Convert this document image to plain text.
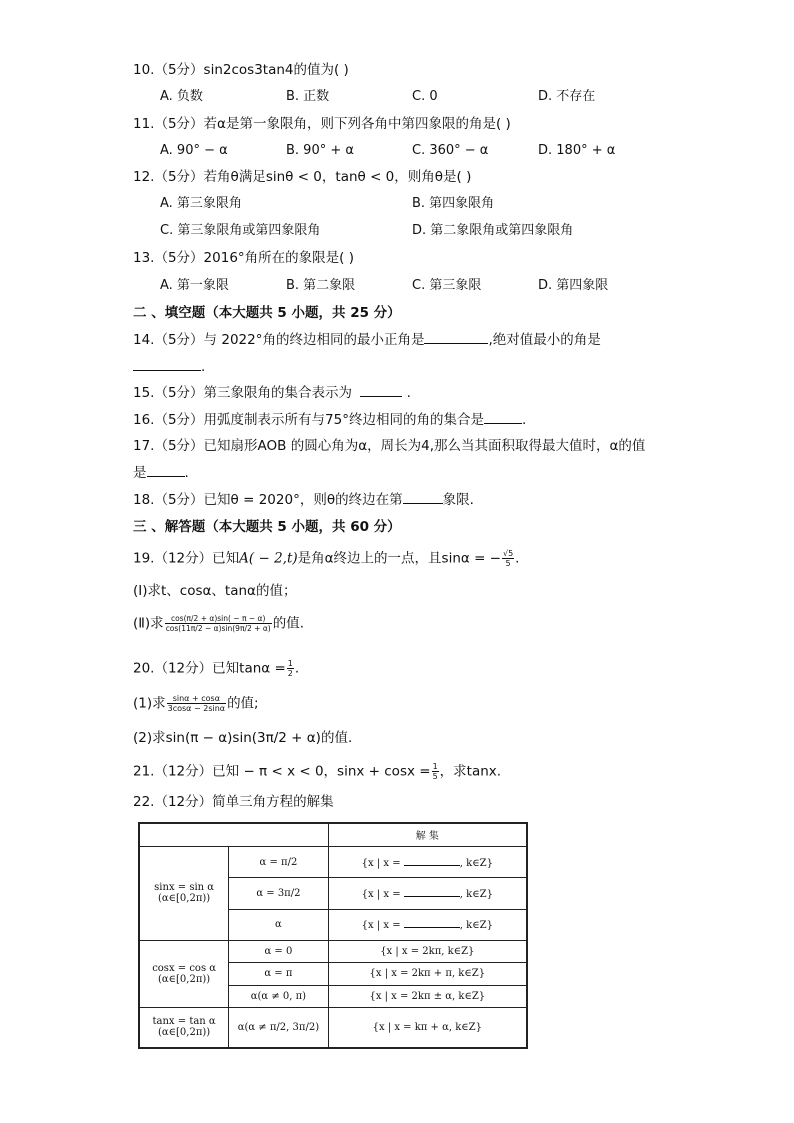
10.（5分）sin2cos3tan4的值为( )
A. 负数	B. 正数	C. 0	D. 不存在
11.（5分）若α是第一象限角，则下列各角中第四象限的角是( )
A. 90° − α	B. 90° + α	C. 360° − α	D. 180° + α
12.（5分）若角θ满足sinθ < 0，tanθ < 0，则角θ是( )
A. 第三象限角	B. 第四象限角
C. 第三象限角或第四象限角	D. 第二象限角或第四象限角
13.（5分）2016°角所在的象限是( )
A. 第一象限	B. 第二象限	C. 第三象限	D. 第四象限
二 、填空题（本大题共 5 小题，共 25 分）
14.（5分）与 2022°角的终边相同的最小正角是	,绝对值最小的角是
.
15.（5分）第三象限角的集合表示为	.
16.（5分）用弧度制表示所有与75°终边相同的角的集合是	.
17.（5分）已知扇形AOB 的圆心角为α，周长为4,那么当其面积取得最大值时，α的值
是	.
18.（5分）已知θ = 2020°，则θ的终边在第	象限.
三 、解答题（本大题共 5 小题，共 60 分）
19.（12分）已知A( − 2,t)是角α终边上的一点，且sinα = − $\frac{√5}{5}$ .
(Ⅰ)求t、cosα、tanα的值；
(Ⅱ)求 $\frac{\cos(\pi/2 + \alpha)\sin( - \pi - \alpha)}{\cos(11\pi/2 - \alpha)\sin(9\pi/2 + \alpha)}$ 的值.
20.（12分）已知$\tan\alpha = \frac{1}{2}$ .
(1)求 $\frac{\sin\alpha + \cos\alpha}{3\cos\alpha - 2\sin\alpha}$ 的值;
(2)求sin(π − α)sin(3π/2 + α)的值.
21.（12分）已知 − π < x < 0，$\sin x + \cos x = \frac{1}{5}$ ，求tanx.
22.（12分）简单三角方程的解集
		解 集

sinx = sin α
(α∈[0,2π))	α = π/2	{x | x = , k∈Z}
	α = 3π/2	{x | x = , k∈Z}
	α	{x | x = , k∈Z}

cosx = cos α
(α∈[0,2π))	α = 0	{x | x = 2kπ, k∈Z}
	α = π	{x | x = 2kπ + π, k∈Z}
	α(α ≠ 0, π)	{x | x = 2kπ ± α, k∈Z}

tanx = tan α
(α∈[0,2π))	α(α ≠ π/2, 3π/2)	{x | x = kπ + α, k∈Z}
